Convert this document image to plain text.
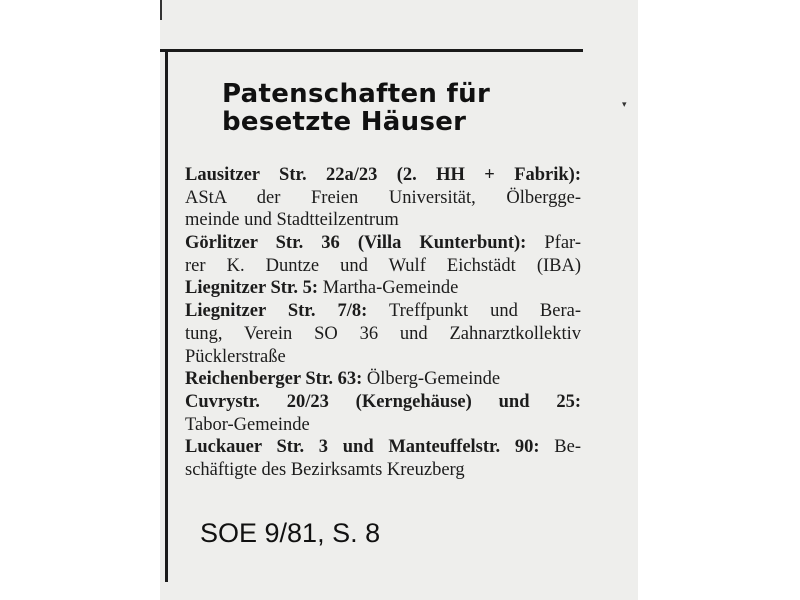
▾
Patenschaften für
besetzte Häuser
Lausitzer Str. 22a/23 (2. HH + Fabrik):
AStA der Freien Universität, Ölbergge-
meinde und Stadtteilzentrum
Görlitzer Str. 36 (Villa Kunterbunt): Pfar-
rer K. Duntze und Wulf Eichstädt (IBA)
Liegnitzer Str. 5: Martha-Gemeinde
Liegnitzer Str. 7/8: Treffpunkt und Bera-
tung, Verein SO 36 und Zahnarztkollektiv
Pücklerstraße
Reichenberger Str. 63: Ölberg-Gemeinde
Cuvrystr. 20/23 (Kerngehäuse) und 25:
Tabor-Gemeinde
Luckauer Str. 3 und Manteuffelstr. 90: Be-
schäftigte des Bezirksamts Kreuzberg
SOE 9/81, S. 8
